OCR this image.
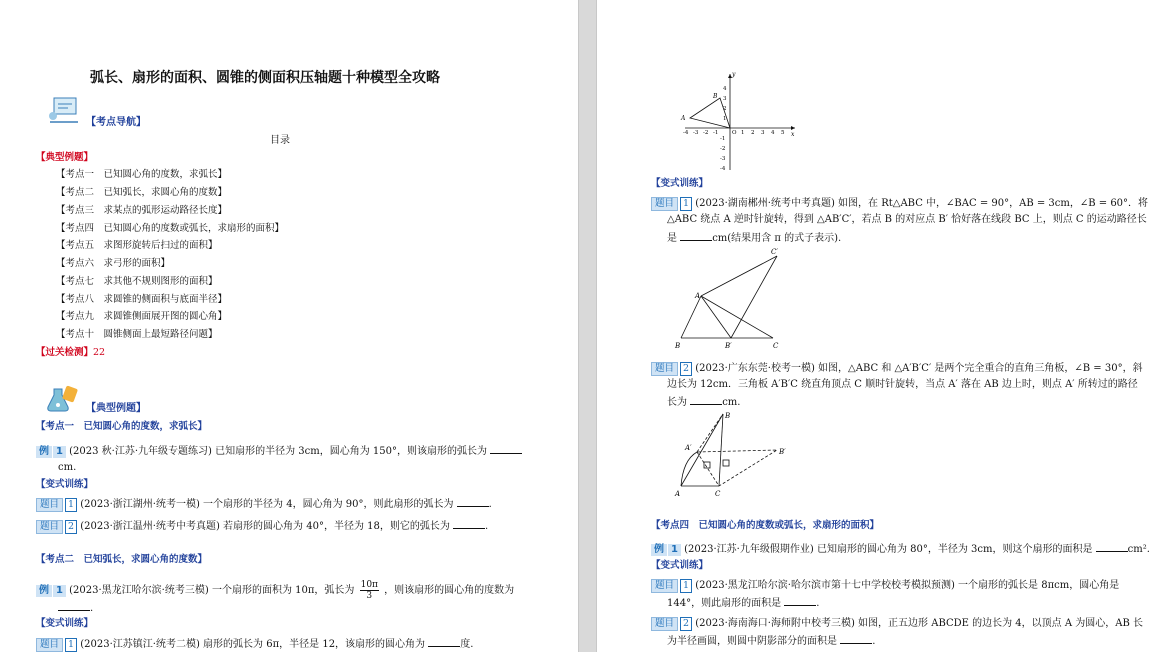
弧长、扇形的面积、圆锥的侧面积压轴题十种模型全攻略
【考点导航】
目录
【典型例题】
【考点一　已知圆心角的度数，求弧长】
【考点二　已知弧长，求圆心角的度数】
【考点三　求某点的弧形运动路径长度】
【考点四　已知圆心角的度数或弧长，求扇形的面积】
【考点五　求图形旋转后扫过的面积】
【考点六　求弓形的面积】
【考点七　求其他不规则图形的面积】
【考点八　求圆锥的侧面积与底面半径】
【考点九　求圆锥侧面展开图的圆心角】
【考点十　圆锥侧面上最短路径问题】
【过关检测】22
【典型例题】
【考点一　已知圆心角的度数，求弧长】
例 1 (2023 秋·江苏·九年级专题练习) 已知扇形的半径为 3cm，圆心角为 150°，则该扇形的弧长为
cm.
【变式训练】
题目 1 (2023·浙江湖州·统考一模) 一个扇形的半径为 4，圆心角为 90°，则此扇形的弧长为	.
题目 2 (2023·浙江温州·统考中考真题) 若扇形的圆心角为 40°，半径为 18，则它的弧长为	.
【考点二　已知弧长，求圆心角的度数】
例 1 (2023·黑龙江哈尔滨·统考三模) 一个扇形的面积为 10π，弧长为 $\frac{10\pi}{3}$ ，则该扇形的圆心角的度数为
.
【变式训练】
题目 1 (2023·江苏镇江·统考二模) 扇形的弧长为 6π，半径是 12，该扇形的圆心角为	度.
x
y
-4 -3 -2 -1 O 1 2 3 4 5
4
3
2
1
-1
-2
-3
-4
B
A
【变式训练】
题目 1 (2023·湖南郴州·统考中考真题) 如图，在 Rt△ABC 中，∠BAC = 90°，AB = 3cm，∠B = 60°．将
△ABC 绕点 A 逆时针旋转，得到 △AB′C′，若点 B 的对应点 B′ 恰好落在线段 BC 上，则点 C 的运动路径长
是	cm(结果用含 π 的式子表示).
C′
A
B	B′	C
题目 2 (2023·广东东莞·校考一模) 如图，△ABC 和 △A′B′C′ 是两个完全重合的直角三角板，∠B = 30°，斜
边长为 12cm．三角板 A′B′C 绕直角顶点 C 顺时针旋转，当点 A′ 落在 AB 边上时，则点 A′ 所转过的路径
长为	cm.
B
A′	B′
A	C
【考点四　已知圆心角的度数或弧长，求扇形的面积】
例 1 (2023·江苏·九年级假期作业) 已知扇形的圆心角为 80°，半径为 3cm，则这个扇形的面积是	cm².
【变式训练】
题目 1 (2023·黑龙江哈尔滨·哈尔滨市第十七中学校校考模拟预测) 一个扇形的弧长是 8πcm，圆心角是
144°，则此扇形的面积是	.
题目 2 (2023·海南海口·海师附中校考三模) 如图，正五边形 ABCDE 的边长为 4，以顶点 A 为圆心，AB 长
为半径画圆，则圆中阴影部分的面积是	.
